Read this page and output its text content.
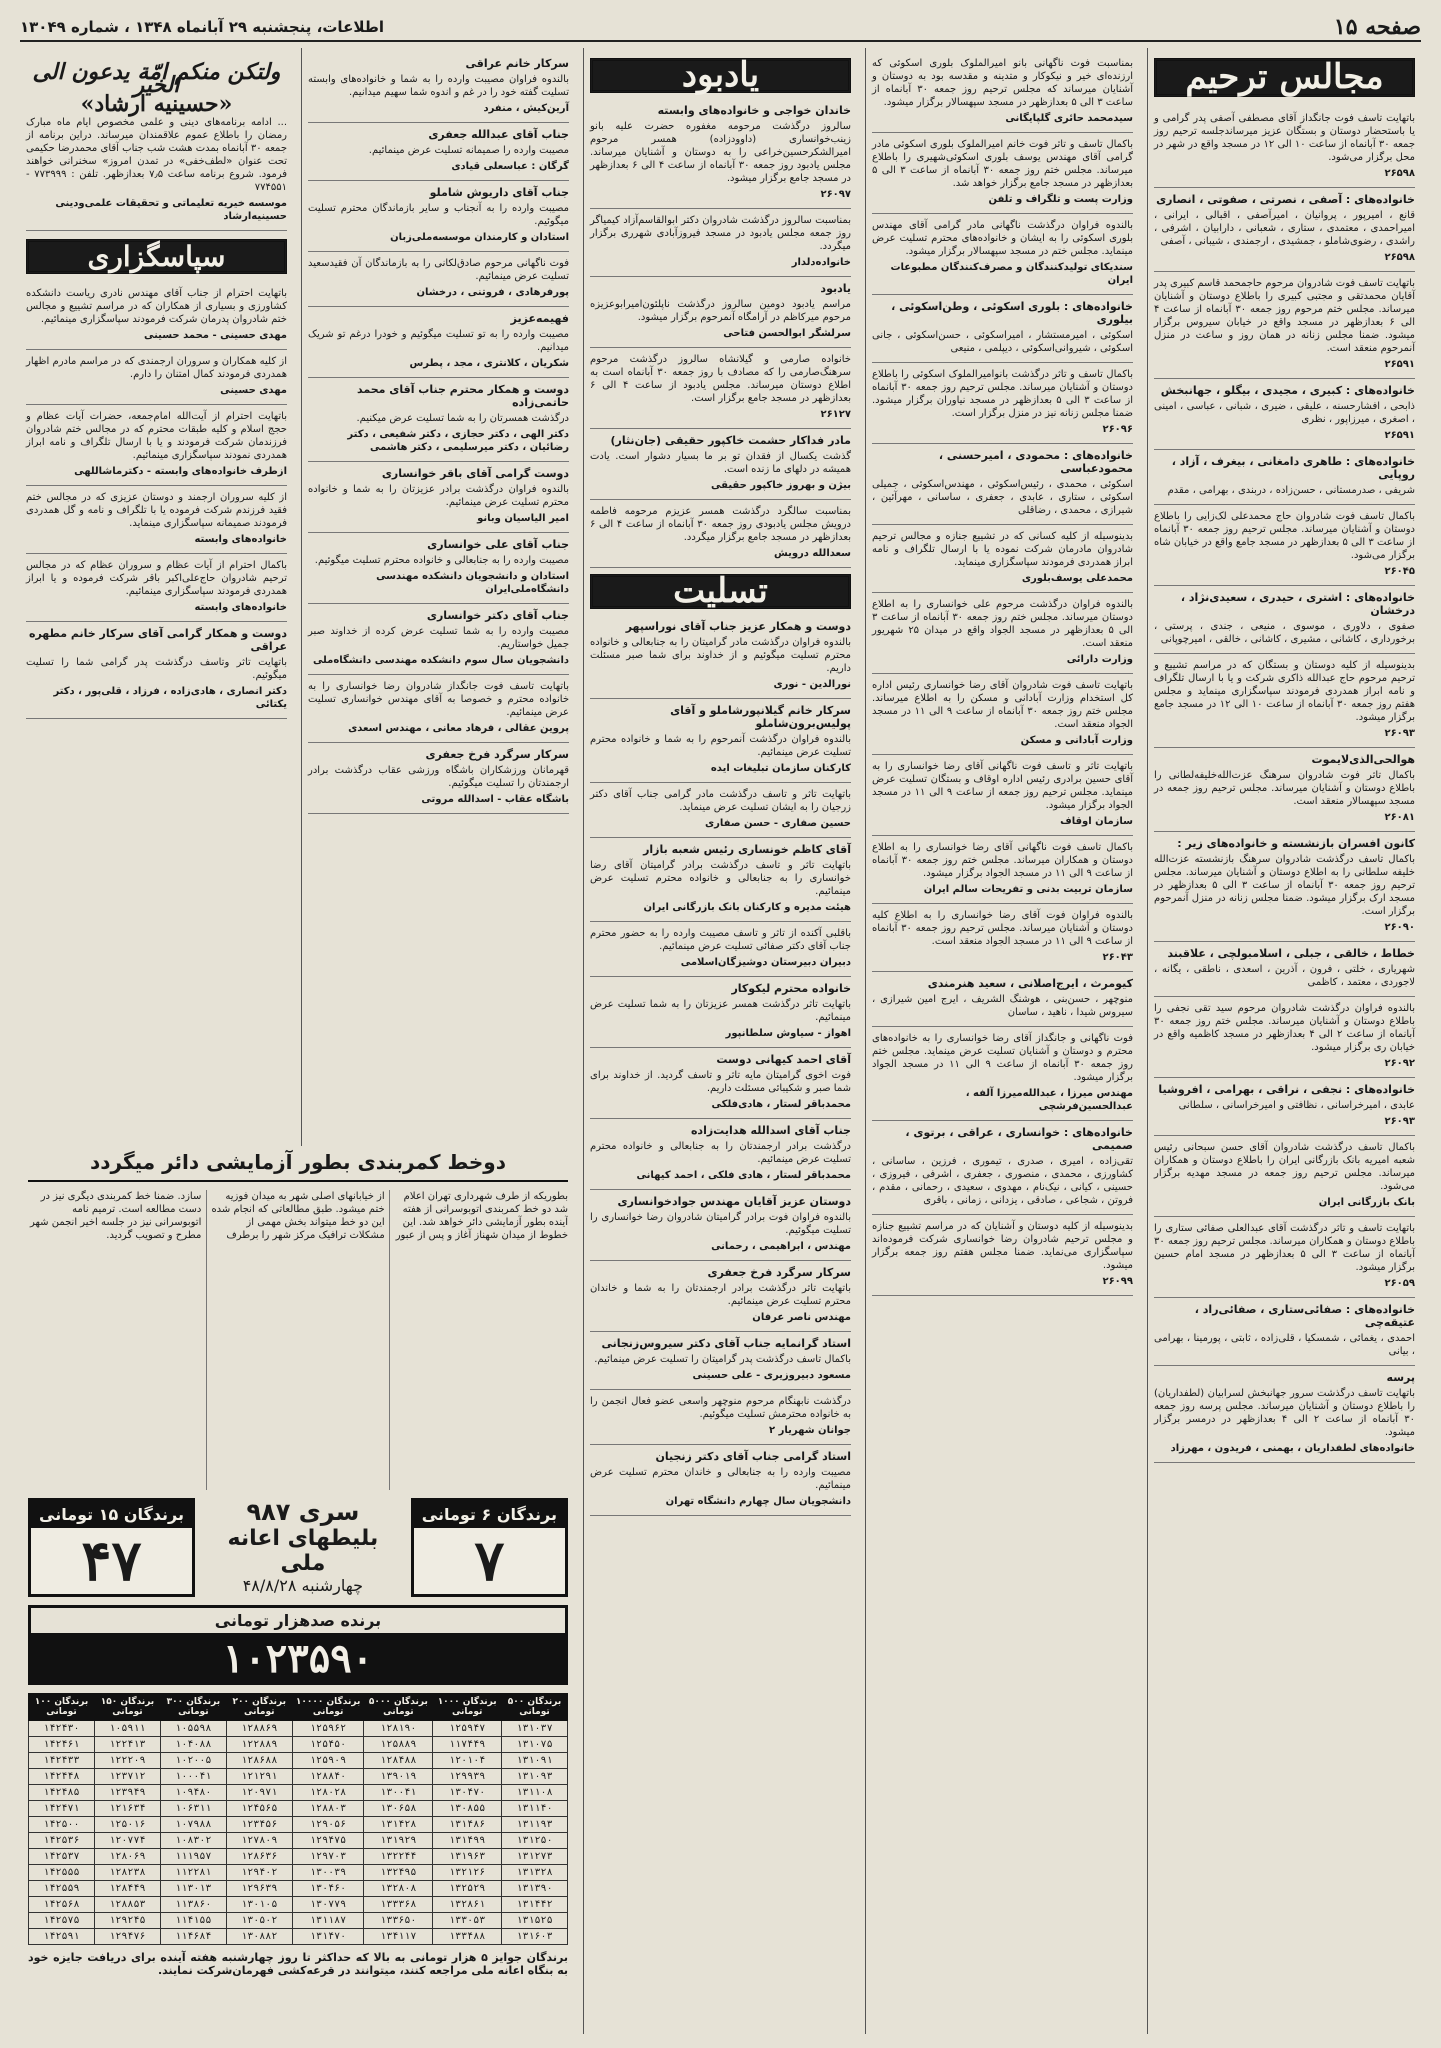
صفحه ۱۵
اطلاعات، پنجشنبه ۲۹ آبانماه ۱۳۴۸ ، شماره ۱۳۰۴۹
مجالس ترحیم
باتهایت تاسف فوت جانگداز آقای مصطفی آصفی پدر گرامی و یا باستحضار دوستان و بستگان عزیز میرساندجلسه ترحیم روز جمعه ۳۰ آبانماه از ساعت ۱۰ الی ۱۲ در مسجد واقع در شهر در محل برگزار می‌شود.
۲۶۵۹۸
خانواده‌های : آصفی ، نصرتی ، صفوتی ، انصاری
قانع ، امیرپور ، پروانیان ، امیرآصفی ، اقبالی ، ایرانی ، امیراحمدی ، معتمدی ، ستاری ، شعبانی ، دارابیان ، اشرفی ، راشدی ، رضوی‌شاملو ، جمشیدی ، ارجمندی ، شیبانی ، آصفی
۲۶۵۹۸
باتهایت تاسف فوت شادروان مرحوم حاجمحمد قاسم کبیری پدر آقایان محمدتقی و مجتبی کبیری را باطلاع دوستان و آشنایان میرساند. مجلس ختم مرحوم روز جمعه ۳۰ آبانماه از ساعت ۴ الی ۶ بعدازظهر در مسجد واقع در خیابان سیروس برگزار میشود. ضمنا مجلس زنانه در همان روز و ساعت در منزل آنمرحوم منعقد است.
۲۶۵۹۱
خانواده‌های : کبیری ، مجیدی ، بیگلو ، جهانبخش
ذابحی ، افشارحسنه ، علیقی ، ضیری ، شبانی ، عباسی ، امینی ، اصغری ، میرزاپور ، نظری
۲۶۵۹۱
خانواده‌های : طاهری دامغانی ، بیغرف ، آزاد ، روپایی
شریفی ، صدرمستانی ، حسن‌زاده ، دربندی ، بهرامی ، مقدم
باکمال تاسف فوت شادروان حاج محمدعلی لک‌زایی را باطلاع دوستان و آشنایان میرساند. مجلس ترحیم روز جمعه ۳۰ آبانماه از ساعت ۳ الی ۵ بعدازظهر در مسجد جامع واقع در خیابان شاه برگزار می‌شود.
۲۶۰۴۵
خانواده‌های : اشتری ، حیدری ، سعیدی‌نژاد ، درخشان
صفوی ، دلاوری ، موسوی ، منیعی ، جندی ، پرستی ، برخورداری ، کاشانی ، مشیری ، کاشانی ، خالقی ، امیرچوپانی
بدینوسیله از کلیه دوستان و بستگان که در مراسم تشییع و ترحیم مرحوم حاج عبدالله ذاکری شرکت و یا با ارسال تلگراف و نامه ابراز همدردی فرمودند سپاسگزاری مینماید و مجلس هفتم روز جمعه ۳۰ آبانماه از ساعت ۱۰ الی ۱۲ در مسجد جامع برگزار میشود.
۲۶۰۹۳
هوالحی‌الذی‌لایموت
باکمال تاثر فوت شادروان سرهنگ عزت‌الله‌خلیفه‌لطانی را باطلاع دوستان و آشنایان میرساند. مجلس ترحیم روز جمعه در مسجد سپهسالار منعقد است.
۲۶۰۸۱
کانون افسران بازنشسته و خانواده‌های زیر :
باکمال تاسف درگذشت شادروان سرهنگ بازنشسته عزت‌الله خلیفه سلطانی را به اطلاع دوستان و آشنایان میرساند. مجلس ترحیم روز جمعه ۳۰ آبانماه از ساعت ۳ الی ۵ بعدازظهر در مسجد ارک برگزار میشود. ضمنا مجلس زنانه در منزل آنمرحوم برگزار است.
۲۶۰۹۰
خطاط ، خالقی ، جبلی ، اسلامبولچی ، علاقبند
شهریاری ، خلتی ، فرون ، آذرین ، اسعدی ، ناطقی ، یگانه ، لاجوردی ، معتمد ، کاظمی
بالندوه فراوان درگذشت شادروان مرحوم سید تقی نجفی را باطلاع دوستان و آشنایان میرساند. مجلس ختم روز جمعه ۳۰ آبانماه از ساعت ۲ الی ۴ بعدازظهر در مسجد کاظمیه واقع در خیابان ری برگزار میشود.
۲۶۰۹۲
خانواده‌های : نجفی ، نراقی ، بهرامی ، افروشیا
عابدی ، امیرخراسانی ، نظافتی و امیرخراسانی ، سلطانی
۲۶۰۹۳
باکمال تاسف درگذشت شادروان آقای حسن سبحانی رئیس شعبه امیریه بانک بازرگانی ایران را باطلاع دوستان و همکاران میرساند. مجلس ترحیم روز جمعه در مسجد مهدیه برگزار می‌شود.
بانک بازرگانی ایران
باتهایت تاسف و تاثر درگذشت آقای عبدالعلی صفائی ستاری را باطلاع دوستان و همکاران میرساند. مجلس ترحیم روز جمعه ۳۰ آبانماه از ساعت ۳ الی ۵ بعدازظهر در مسجد امام حسین برگزار میشود.
۲۶۰۵۹
خانواده‌های : صفائی‌ستاری ، صفائی‌راد ، عتیقه‌چی
احمدی ، یغمائی ، شمسکیا ، قلی‌زاده ، ثابتی ، پورمینا ، بهرامی ، بیانی
پرسه
باتهایت تاسف درگذشت سرور جهانبخش لسرابیان (لطفداریان) را باطلاع دوستان و آشنایان میرساند. مجلس پرسه روز جمعه ۳۰ آبانماه از ساعت ۲ الی ۴ بعدازظهر در درمسر برگزار میشود.
خانواده‌های لطفداریان ، بهمنی ، فریدون ، مهرزاد
بمناسبت فوت ناگهانی بانو امیرالملوک بلوری اسکوئی که ارزنده‌ای خیر و نیکوکار و متدینه و مقدسه بود به دوستان و آشنایان میرساند که مجلس ترحیم روز جمعه ۳۰ آبانماه از ساعت ۳ الی ۵ بعدازظهر در مسجد سپهسالار برگزار میشود.
سیدمحمد حائری گلپایگانی
باکمال تاسف و تاثر فوت خانم امیرالملوک بلوری اسکوئی مادر گرامی آقای مهندس یوسف بلوری اسکوئی‌شهیری را باطلاع میرساند. مجلس ختم روز جمعه ۳۰ آبانماه از ساعت ۳ الی ۵ بعدازظهر در مسجد جامع برگزار خواهد شد.
وزارت پست و تلگراف و تلفن
بالندوه فراوان درگذشت ناگهانی مادر گرامی آقای مهندس بلوری اسکوئی را به ایشان و خانواده‌های محترم تسلیت عرض مینماید. مجلس ختم در مسجد سپهسالار برگزار میشود.
سندیکای تولیدکنندگان و مصرف‌کنندگان مطبوعات ایران
خانواده‌های : بلوری اسکوئی ، وطن‌اسکوئی ، بیلوری
اسکوئی ، امیرمستشار ، امیراسکوئی ، حسن‌اسکوئی ، جانی اسکوئی ، شیروانی‌اسکوئی ، دیپلمی ، منیعی
باکمال تاسف و تاثر درگذشت بانوامیرالملوک اسکوئی را باطلاع دوستان و آشنایان میرساند. مجلس ترحیم روز جمعه ۳۰ آبانماه از ساعت ۳ الی ۵ بعدازظهر در مسجد نیاوران برگزار میشود. ضمنا مجلس زنانه نیز در منزل برگزار است.
۲۶۰۹۶
خانواده‌های : محمودی ، امیرحسنی ، محمودعباسی
اسکوئی ، محمدی ، رئیس‌اسکوئی ، مهندس‌اسکوئی ، جمیلی اسکوئی ، ستاری ، عابدی ، جعفری ، ساسانی ، مهرآئین ، شیرازی ، محمدی ، رضاقلی
بدینوسیله از کلیه کسانی که در تشییع جنازه و مجالس ترحیم شادروان مادرمان شرکت نموده یا با ارسال تلگراف و نامه ابراز همدردی فرمودند سپاسگزاری مینماید.
محمدعلی یوسف‌بلوری
بالندوه فراوان درگذشت مرحوم علی خوانساری را به اطلاع دوستان میرساند. مجلس ختم روز جمعه ۳۰ آبانماه از ساعت ۳ الی ۵ بعدازظهر در مسجد الجواد واقع در میدان ۲۵ شهریور منعقد است.
وزارت دارائی
باتهایت تاسف فوت شادروان آقای رضا خوانساری رئیس اداره کل استخدام وزارت آبادانی و مسکن را به اطلاع میرساند. مجلس ختم روز جمعه ۳۰ آبانماه از ساعت ۹ الی ۱۱ در مسجد الجواد منعقد است.
وزارت آبادانی و مسکن
باتهایت تاثر و تاسف فوت ناگهانی آقای رضا خوانساری را به آقای حسین برادری رئیس اداره اوقاف و بستگان تسلیت عرض مینماید. مجلس ترحیم روز جمعه از ساعت ۹ الی ۱۱ در مسجد الجواد برگزار میشود.
سازمان اوقاف
باکمال تاسف فوت ناگهانی آقای رضا خوانساری را به اطلاع دوستان و همکاران میرساند. مجلس ختم روز جمعه ۳۰ آبانماه از ساعت ۹ الی ۱۱ در مسجد الجواد برگزار میشود.
سازمان تربیت بدنی و تفریحات سالم ایران
بالندوه فراوان فوت آقای رضا خوانساری را به اطلاع کلیه دوستان و آشنایان میرساند. مجلس ترحیم روز جمعه ۳۰ آبانماه از ساعت ۹ الی ۱۱ در مسجد الجواد منعقد است.
۲۶۰۴۳
کیومرث ، ایرج‌اصلانی ، سعید هنرمندی
منوچهر ، حسن‌بنی ، هوشنگ الشریف ، ایرج امین شیرازی ، سیروس شیدا ، ناهید ، ساسان
فوت ناگهانی و جانگداز آقای رضا خوانساری را به خانواده‌های محترم و دوستان و آشنایان تسلیت عرض مینماید. مجلس ختم روز جمعه ۳۰ آبانماه از ساعت ۹ الی ۱۱ در مسجد الجواد برگزار میشود.
مهندس میرزا ، عبدالله‌میرزا آلفه ، عبدالحسین‌فرشچی
خانواده‌های : خوانساری ، عراقی ، برتوی ، صمیمی
تقی‌زاده ، امیری ، صدری ، تیموری ، فرزین ، ساسانی ، کشاورزی ، محمدی ، منصوری ، جعفری ، اشرفی ، فیروزی ، حسینی ، کیانی ، نیک‌نام ، مهدوی ، سعیدی ، رحمانی ، مقدم ، فروتن ، شجاعی ، صادقی ، یزدانی ، زمانی ، باقری
بدینوسیله از کلیه دوستان و آشنایان که در مراسم تشییع جنازه و مجلس ترحیم شادروان رضا خوانساری شرکت فرموده‌اند سپاسگزاری می‌نماید. ضمنا مجلس هفتم روز جمعه برگزار میشود.
۲۶۰۹۹
یادبود
خاندان خواجی و خانواده‌های وابسته
سالروز درگذشت مرحومه مغفوره حضرت علیه بانو زینب‌خوانساری (داوودزاده) همسر مرحوم امیرالشکرحسین‌خراعی را به دوستان و آشنایان میرساند. مجلس یادبود روز جمعه ۳۰ آبانماه از ساعت ۴ الی ۶ بعدازظهر در مسجد جامع برگزار میشود.
۲۶۰۹۷
بمناسبت سالروز درگذشت شادروان دکتر ابوالقاسم‌آزاد کیمیاگر روز جمعه مجلس یادبود در مسجد فیروزآبادی شهرری برگزار میگردد.
خانواده‌دلدار
یادبود
مراسم یادبود دومین سالروز درگذشت ناپلئون‌امیرابوعزیزه مرحوم میرکاظم در آرامگاه آنمرحوم برگزار میشود.
سرلشگر ابوالحسن فتاحی
خانواده صارمی و گیلانشاه سالروز درگذشت مرحوم سرهنگ‌صارمی را که مصادف با روز جمعه ۳۰ آبانماه است به اطلاع دوستان میرساند. مجلس یادبود از ساعت ۴ الی ۶ بعدازظهر در مسجد جامع برگزار است.
۲۶۱۲۷
مادر فداکار حشمت خاکپور حقیقی (جان‌نثار)
گذشت یکسال از فقدان تو بر ما بسیار دشوار است. یادت همیشه در دلهای ما زنده است.
بیژن و بهروز خاکپور حقیقی
بمناسبت سالگرد درگذشت همسر عزیزم مرحومه فاطمه درویش مجلس یادبودی روز جمعه ۳۰ آبانماه از ساعت ۴ الی ۶ بعدازظهر در مسجد جامع برگزار میگردد.
سعدالله درویش
تسلیت
دوست و همکار عزیز جناب آقای نوراسپهر
بالندوه فراوان درگذشت مادر گرامیتان را به جنابعالی و خانواده محترم تسلیت میگوئیم و از خداوند برای شما صبر مسئلت داریم.
نورالدین - نوری
سرکار خانم گیلانپورشاملو و آقای پولیس‌برون‌شاملو
بالندوه فراوان درگذشت آنمرحوم را به شما و خانواده محترم تسلیت عرض مینمائیم.
کارکنان سازمان تبلیغات ایده
باتهایت تاثر و تاسف درگذشت مادر گرامی جناب آقای دکتر زرجیان را به ایشان تسلیت عرض مینماید.
حسین صفاری - حسن صفاری
آقای کاظم خونساری رئیس شعبه بازار
باتهایت تاثر و تاسف درگذشت برادر گرامیتان آقای رضا خوانساری را به جنابعالی و خانواده محترم تسلیت عرض مینمائیم.
هیئت مدیره و کارکنان بانک بازرگانی ایران
باقلبی آکنده از تاثر و تاسف مصیبت وارده را به حضور محترم جناب آقای دکتر صفائی تسلیت عرض مینمائیم.
دبیران دبیرستان دوشیزگان‌اسلامی
خانواده محترم لیکوکار
باتهایت تاثر درگذشت همسر عزیزتان را به شما تسلیت عرض مینمائیم.
اهواز - سیاوش سلطانپور
آقای احمد کیهانی دوست
فوت اخوی گرامیتان مایه تاثر و تاسف گردید. از خداوند برای شما صبر و شکیبائی مسئلت داریم.
محمدباقر لستار ، هادی‌فلکی
جناب آقای اسدالله هدایت‌زاده
درگذشت برادر ارجمندتان را به جنابعالی و خانواده محترم تسلیت عرض مینمائیم.
محمدباقر لستار ، هادی فلکی ، احمد کیهانی
دوستان عزیز آقایان مهندس جوادخوانساری
بالندوه فراوان فوت برادر گرامیتان شادروان رضا خوانساری را تسلیت میگوئیم.
مهندس ، ابراهیمی ، رحمانی
سرکار سرگرد فرخ جعفری
باتهایت تاثر درگذشت برادر ارجمندتان را به شما و خاندان محترم تسلیت عرض مینمائیم.
مهندس ناصر عرفان
استاد گرانمایه جناب آقای دکتر سیروس‌زنجانی
باکمال تاسف درگذشت پدر گرامیتان را تسلیت عرض مینمائیم.
مسعود دبیروزیری - علی حسینی
درگذشت نابهنگام مرحوم منوچهر واسعی عضو فعال انجمن را به خانواده محترمش تسلیت میگوئیم.
جوانان شهریار ۲
استاد گرامی جناب آقای دکتر زنجیان
مصیبت وارده را به جنابعالی و خاندان محترم تسلیت عرض مینمائیم.
دانشجویان سال چهارم دانشگاه تهران
سرکار خانم عراقی
بالندوه فراوان مصیبت وارده را به شما و خانواده‌های وابسته تسلیت گفته خود را در غم و اندوه شما سهیم میدانیم.
آرین‌کیش ، منفرد
جناب آقای عبدالله جعفری
مصیبت وارده را صمیمانه تسلیت عرض مینمائیم.
گرگان : عباسعلی قیادی
جناب آقای داریوش شاملو
مصیبت وارده را به آنجناب و سایر بازماندگان محترم تسلیت میگوئیم.
استادان و کارمندان موسسه‌ملی‌زبان
فوت ناگهانی مرحوم صادق‌لکانی را به بازماندگان آن فقیدسعید تسلیت عرض مینمائیم.
پورفرهادی ، فروتنی ، درخشان
فهیمه‌عزیز
مصیبت وارده را به تو تسلیت میگوئیم و خودرا درغم تو شریک میدانیم.
شکریان ، کلانتری ، مجد ، پطرس
دوست و همکار محترم جناب آقای محمد حاتمی‌زاده
درگذشت همسرتان را به شما تسلیت عرض میکنیم.
دکتر الهی ، دکتر حجازی ، دکتر شفیعی ، دکتر رضائیان ، دکتر میرسلیمی ، دکتر هاشمی
دوست گرامی آقای باقر خوانساری
بالندوه فراوان درگذشت برادر عزیزتان را به شما و خانواده محترم تسلیت عرض مینمائیم.
امیر الیاسیان وبانو
جناب آقای علی خوانساری
مصیبت وارده را به جنابعالی و خانواده محترم تسلیت میگوئیم.
استادان و دانشجویان دانشکده مهندسی دانشگاه‌ملی‌ایران
جناب آقای دکتر خوانساری
مصیبت وارده را به شما تسلیت عرض کرده از خداوند صبر جمیل خواستاریم.
دانشجویان سال سوم دانشکده مهندسی دانشگاه‌ملی
باتهایت تاسف فوت جانگداز شادروان رضا خوانساری را به خانواده محترم و خصوصا به آقای مهندس خوانساری تسلیت عرض مینمائیم.
پروین عقالی ، فرهاد معانی ، مهندس اسعدی
سرکار سرگرد فرخ جعفری
قهرمانان ورزشکاران باشگاه ورزشی عقاب درگذشت برادر ارجمندتان را تسلیت میگوئیم.
باشگاه عقاب - اسدالله مروتی
ولتکن منکم امّة یدعون الی الخیر
«حسینیه ارشاد»
... ادامه برنامه‌های دینی و علمی مخصوص ایام ماه مبارک رمضان را باطلاع عموم علاقمندان میرساند. دراین برنامه از جمعه ۳۰ آبانماه بمدت هشت شب جناب آقای محمدرضا حکیمی تحت عنوان «لطف‌خفی» در تمدن امروز» سخنرانی خواهند فرمود. شروع برنامه ساعت ۷٫۵ بعدازظهر. تلفن : ۷۷۳۹۹۹ - ۷۷۴۵۵۱
موسسه خیریه تعلیماتی و تحقیقات علمی‌ودینی حسینیه‌ارشاد
سپاسگزاری
باتهایت احترام از جناب آقای مهندس نادری ریاست دانشکده کشاورزی و بسیاری از همکاران که در مراسم تشییع و مجالس ختم شادروان پدرمان شرکت فرمودند سپاسگزاری مینمائیم.
مهدی حسینی - محمد حسینی
از کلیه همکاران و سروران ارجمندی که در مراسم مادرم اظهار همدردی فرمودند کمال امتنان را دارم.
مهدی حسینی
باتهایت احترام از آیت‌الله امام‌جمعه، حضرات آیات عظام و حجج اسلام و کلیه طبقات محترم که در مجالس ختم شادروان فرزندمان شرکت فرمودند و یا با ارسال تلگراف و نامه ابراز همدردی نمودند سپاسگزاری مینمائیم.
ازطرف خانواده‌های وابسته - دکترماشاللهی
از کلیه سروران ارجمند و دوستان عزیزی که در مجالس ختم فقید فرزندم شرکت فرموده یا با تلگراف و نامه و گل همدردی فرمودند صمیمانه سپاسگزاری مینماید.
خانواده‌های وابسته
باکمال احترام از آیات عظام و سروران عظام که در مجالس ترحیم شادروان حاج‌علی‌اکبر باقر شرکت فرموده و یا ابراز همدردی فرمودند سپاسگزاری مینمائیم.
خانواده‌های وابسته
دوست و همکار گرامی آقای سرکار خانم مطهره عراقی
باتهایت تاثر وتاسف درگذشت پدر گرامی شما را تسلیت میگوئیم.
دکتر انصاری ، هادی‌زاده ، فرزاد ، قلی‌پور ، دکتر یکتائی
دوخط کمربندی بطور آزمایشی دائر میگردد
بطوریکه از طرف شهرداری تهران اعلام شد دو خط کمربندی اتوبوسرانی از هفته آینده بطور آزمایشی دائر خواهد شد. این خطوط از میدان شهناز آغاز و پس از عبور از خیابانهای اصلی شهر به میدان فوزیه ختم میشود. طبق مطالعاتی که انجام شده این دو خط میتواند بخش مهمی از مشکلات ترافیک مرکز شهر را برطرف سازد. ضمنا خط کمربندی دیگری نیز در دست مطالعه است. ترمیم نامه اتوبوسرانی نیز در جلسه اخیر انجمن شهر مطرح و تصویب گردید.
برندگان ۶ تومانی
۷
سری ۹۸۷
بلیطهای اعانه ملی
چهارشنبه ۴۸/۸/۲۸
برندگان ۱۵ تومانی
۴۷
برنده صدهزار تومانی
۱۰۲۳۵۹۰
برندگان ۵۰۰ تومانی	برندگان ۱۰۰۰ تومانی	برندگان ۵۰۰۰ تومانی	برندگان ۱۰۰۰۰ تومانی	برندگان ۲۰۰ تومانی	برندگان ۳۰۰ تومانی	برندگان ۱۵۰ تومانی	برندگان ۱۰۰ تومانی
۱۳۱۰۳۷	۱۲۵۹۴۷	۱۲۸۱۹۰	۱۲۵۹۶۲	۱۲۸۸۶۹	۱۰۵۵۹۸	۱۰۵۹۱۱	۱۴۲۴۳۰
۱۳۱۰۷۵	۱۱۷۴۴۹	۱۲۵۸۸۹	۱۲۵۴۵۰	۱۲۲۸۸۹	۱۰۴۰۸۸	۱۲۲۴۱۳	۱۴۲۴۶۱
۱۳۱۰۹۱	۱۲۰۱۰۴	۱۲۸۴۸۸	۱۲۵۹۰۹	۱۲۸۶۸۸	۱۰۲۰۰۵	۱۲۲۲۰۹	۱۴۲۴۳۳
۱۳۱۰۹۳	۱۲۹۹۳۹	۱۳۹۰۱۹	۱۲۸۸۴۰	۱۲۱۲۹۱	۱۰۰۰۴۱	۱۲۳۷۱۲	۱۴۲۴۴۸
۱۳۱۱۰۸	۱۳۰۴۷۰	۱۳۰۰۴۱	۱۲۸۰۲۸	۱۲۰۹۷۱	۱۰۹۴۸۰	۱۲۳۹۴۹	۱۴۲۴۸۵
۱۳۱۱۴۰	۱۳۰۸۵۵	۱۳۰۶۵۸	۱۲۸۸۰۳	۱۲۴۵۶۵	۱۰۶۳۱۱	۱۲۱۶۳۴	۱۴۲۴۷۱
۱۳۱۱۹۳	۱۳۱۴۸۶	۱۳۱۴۲۸	۱۲۹۰۵۶	۱۲۳۴۵۶	۱۰۷۹۸۸	۱۲۵۰۱۶	۱۴۲۵۰۰
۱۳۱۲۵۰	۱۳۱۴۹۹	۱۳۱۹۲۹	۱۲۹۴۷۵	۱۲۷۸۰۹	۱۰۸۳۰۲	۱۲۰۷۷۴	۱۴۲۵۳۶
۱۳۱۲۷۳	۱۳۱۹۶۳	۱۳۲۲۴۴	۱۲۹۷۰۳	۱۲۸۶۳۶	۱۱۱۹۵۷	۱۲۸۰۶۹	۱۴۲۵۳۷
۱۳۱۳۲۸	۱۳۲۱۲۶	۱۳۲۴۹۵	۱۳۰۰۳۹	۱۲۹۴۰۲	۱۱۲۲۸۱	۱۲۸۲۳۸	۱۴۲۵۵۵
۱۳۱۳۹۰	۱۳۲۵۲۹	۱۳۲۸۰۸	۱۳۰۴۶۰	۱۲۹۶۳۹	۱۱۳۰۱۳	۱۲۸۴۴۹	۱۴۲۵۵۹
۱۳۱۴۴۲	۱۳۲۸۶۱	۱۳۳۳۶۸	۱۳۰۷۷۹	۱۳۰۱۰۵	۱۱۳۸۶۰	۱۲۸۸۵۳	۱۴۲۵۶۸
۱۳۱۵۲۵	۱۳۳۰۵۳	۱۳۳۶۵۰	۱۳۱۱۸۷	۱۳۰۵۰۲	۱۱۴۱۵۵	۱۲۹۲۴۵	۱۴۲۵۷۵
۱۳۱۶۰۳	۱۳۳۴۸۸	۱۳۴۱۱۷	۱۳۱۴۷۰	۱۳۰۸۸۲	۱۱۴۶۸۴	۱۲۹۴۷۶	۱۴۲۵۹۱
برندگان جوایز ۵ هزار تومانی به بالا که حداکثر تا روز چهارشنبه هفته آینده برای دریافت جایزه خود به بنگاه اعانه ملی مراجعه کنند، میتوانند در قرعه‌کشی فهرمان‌شرکت نمایند.
